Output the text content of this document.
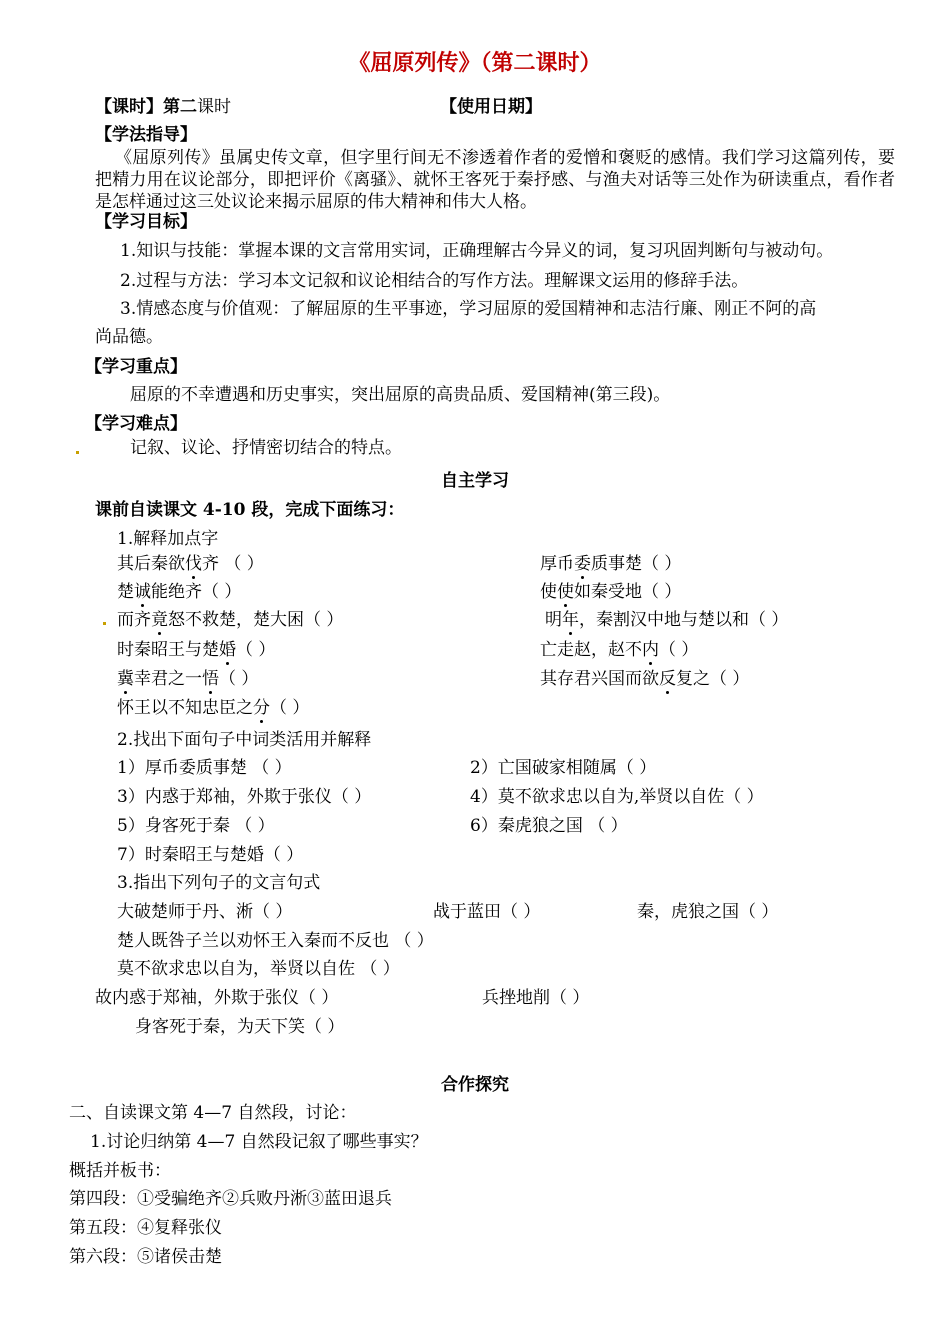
《屈原列传》（第二课时）
【课时】第二课时	【使用日期】
【学法指导】
《屈原列传》虽属史传文章，但字里行间无不渗透着作者的爱憎和褒贬的感情。我们学习这篇列传，要把精力用在议论部分，即把评价《离骚》、就怀王客死于秦抒感、与渔夫对话等三处作为研读重点，看作者是怎样通过这三处议论来揭示屈原的伟大精神和伟大人格。
【学习目标】
1.知识与技能：掌握本课的文言常用实词，正确理解古今异义的词，复习巩固判断句与被动句。
2.过程与方法：学习本文记叙和议论相结合的写作方法。理解课文运用的修辞手法。
3.情感态度与价值观：了解屈原的生平事迹，学习屈原的爱国精神和志洁行廉、刚正不阿的高
尚品德。
【学习重点】
屈原的不幸遭遇和历史事实，突出屈原的高贵品质、爱国精神(第三段)。
【学习难点】
记叙、议论、抒情密切结合的特点。
自主学习
课前自读课文 4-10 段，完成下面练习：
1.解释加点字
其后秦欲伐齐 （ ）	厚币委质事楚（ ）
楚诚能绝齐（ ）	使使如秦受地（ ）
而齐竟怒不救楚，楚大困（ ）	明年，秦割汉中地与楚以和（ ）
时秦昭王与楚婚（ ）	亡走赵，赵不内（ ）
冀幸君之一悟（ ）	其存君兴国而欲反复之（ ）
怀王以不知忠臣之分（ ）
2.找出下面句子中词类活用并解释
1）厚币委质事楚 （ ）	2）亡国破家相随属（ ）
3）内惑于郑袖，外欺于张仪（ ）	4）莫不欲求忠以自为,举贤以自佐（ ）
5）身客死于秦 （ ）	6）秦虎狼之国 （ ）
7）时秦昭王与楚婚（ ）
3.指出下列句子的文言句式
大破楚师于丹、淅（ ）	战于蓝田（ ）	秦，虎狼之国（ ）
楚人既咎子兰以劝怀王入秦而不反也 （ ）
莫不欲求忠以自为，举贤以自佐 （ ）
故内惑于郑袖，外欺于张仪（ ）	兵挫地削（ ）
身客死于秦，为天下笑（ ）
合作探究
二、自读课文第 4—7 自然段，讨论：
1.讨论归纳第 4—7 自然段记叙了哪些事实？
概括并板书：
第四段：①受骗绝齐②兵败丹淅③蓝田退兵
第五段：④复释张仪
第六段：⑤诸侯击楚
